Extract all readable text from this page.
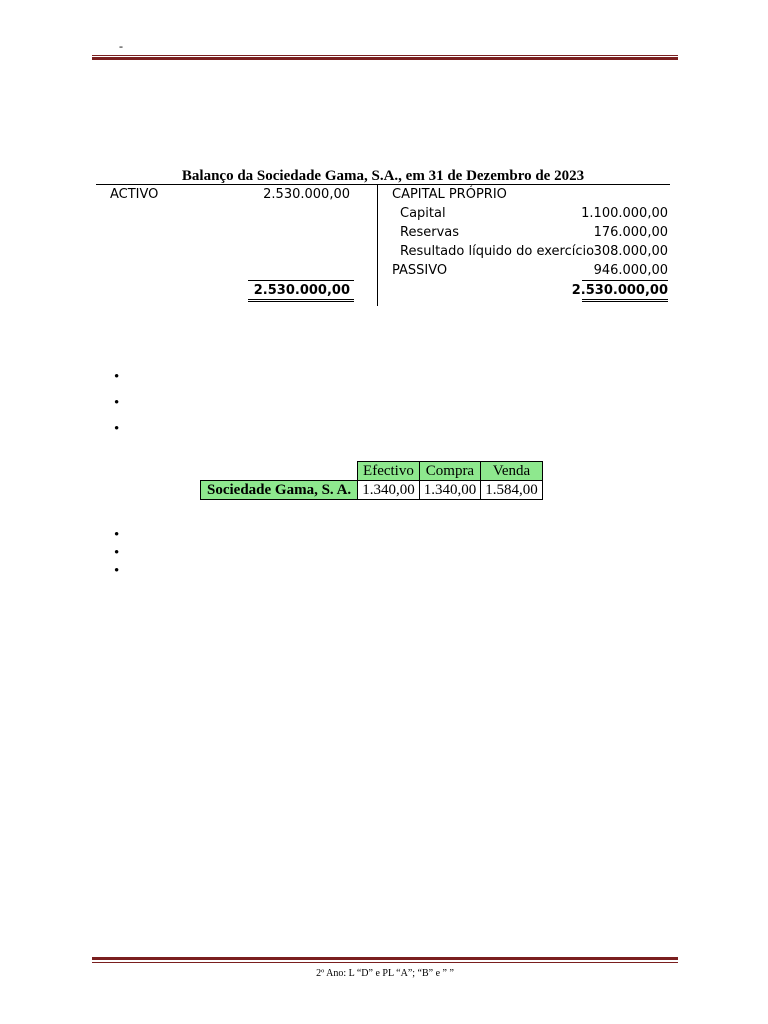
-
Balanço da Sociedade Gama, S.A., em 31 de Dezembro de 2023
ACTIVO	2.530.000,00	CAPITAL PRÓPRIO
Capital	1.100.000,00
Reservas	176.000,00
Resultado líquido do exercício 308.000,00
PASSIVO	946.000,00
2.530.000,00	2.530.000,00
•
•
•
	Efectivo	Compra	Venda
Sociedade Gama, S. A.	1.340,00	1.340,00	1.584,00
•
•
•
2º Ano: L “D” e PL “A”; “B” e ” ”
